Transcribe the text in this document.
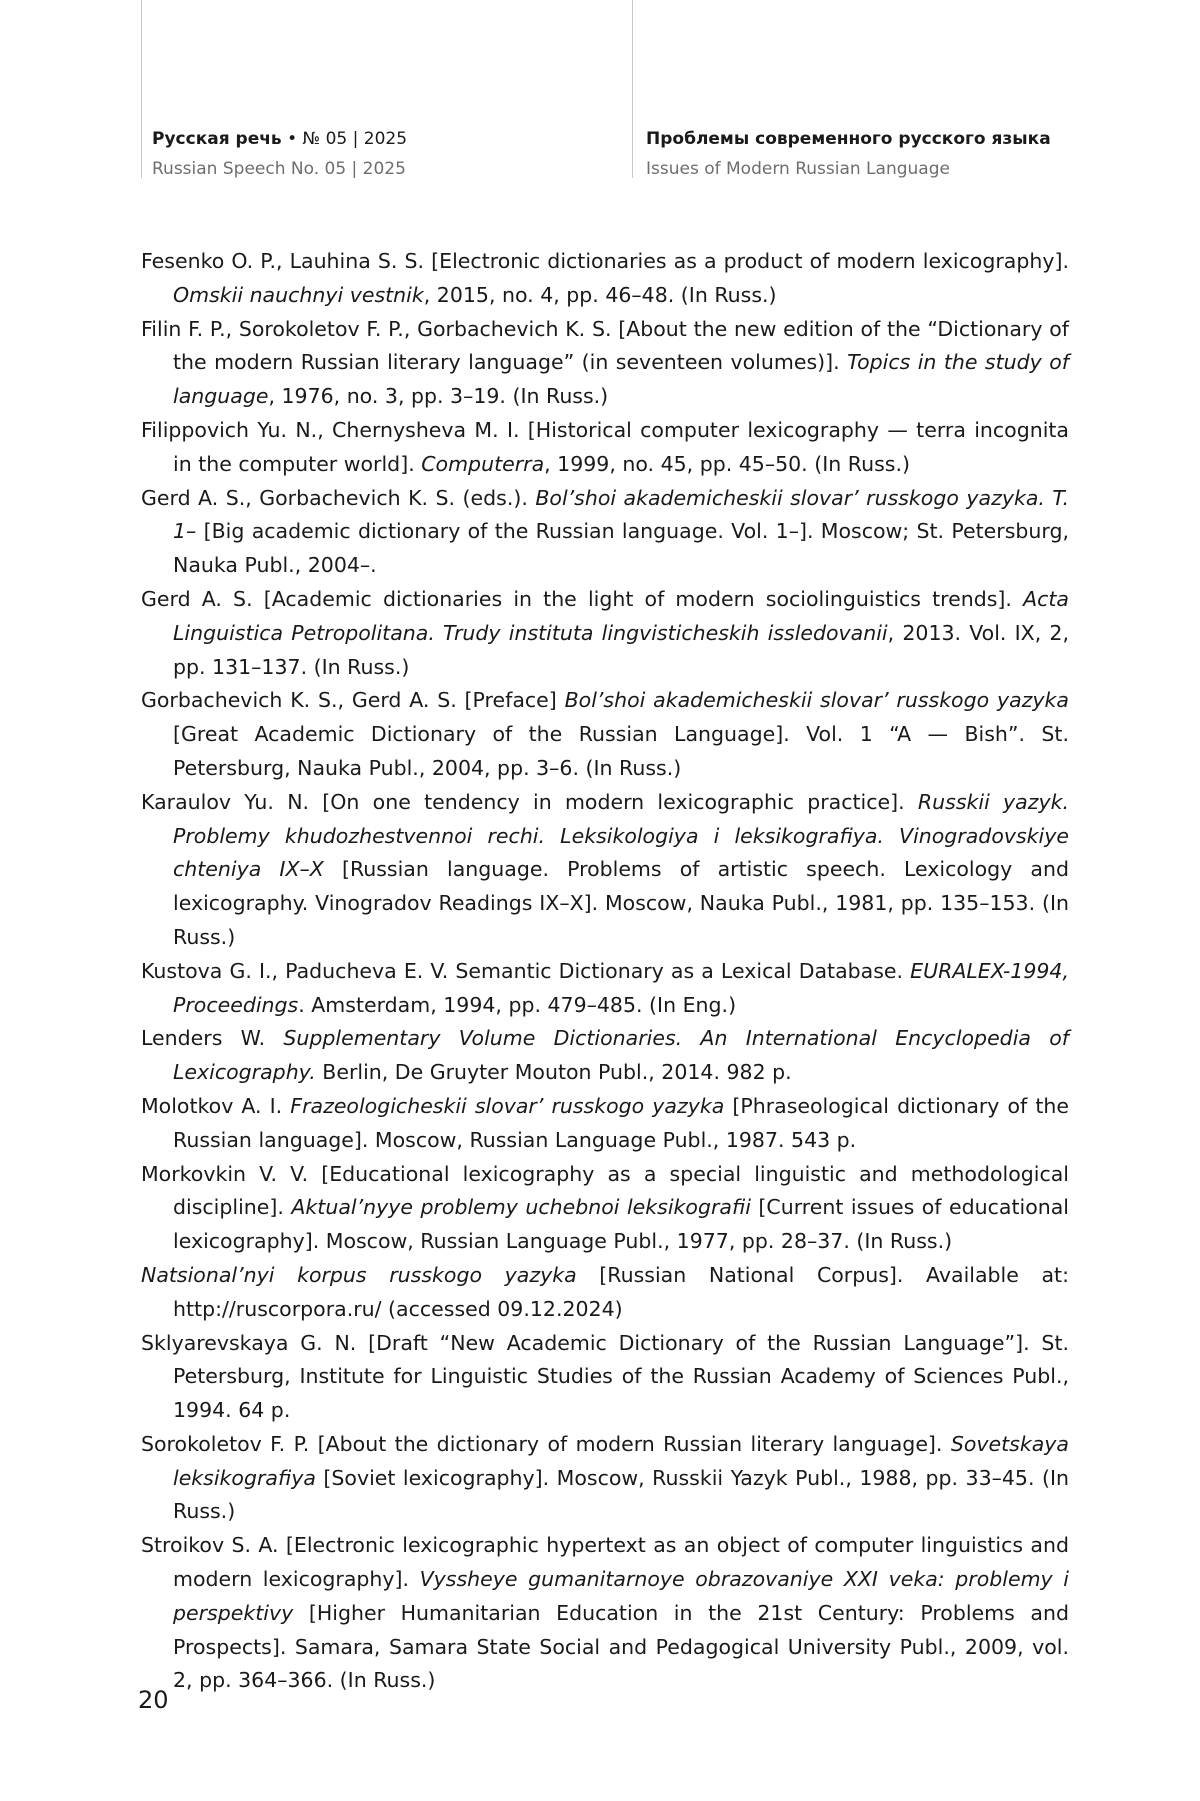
Русская речь • № 05 | 2025
Russian Speech No. 05 | 2025
Проблемы современного русского языка
Issues of Modern Russian Language

Fesenko O. P., Lauhina S. S. [Electronic dictionaries as a product of modern lexicography]. Omskii nauchnyi vestnik, 2015, no. 4, pp. 46–48. (In Russ.)

Filin F. P., Sorokoletov F. P., Gorbachevich K. S. [About the new edition of the “Dictionary of the modern Russian literary language” (in seventeen volumes)]. Topics in the study of language, 1976, no. 3, pp. 3–19. (In Russ.)

Filippovich Yu. N., Chernysheva M. I. [Historical computer lexicography — terra incognita in the computer world]. Computerra, 1999, no. 45, pp. 45–50. (In Russ.)

Gerd A. S., Gorbachevich K. S. (eds.). Bol’shoi akademicheskii slovar’ russkogo yazyka. T. 1– [Big academic dictionary of the Russian language. Vol. 1–]. Moscow; St. Petersburg, Nauka Publ., 2004–.

Gerd A. S. [Academic dictionaries in the light of modern sociolinguistics trends]. Acta Linguistica Petropolitana. Trudy instituta lingvisticheskih issledovanii, 2013. Vol. IX, 2, pp. 131–137. (In Russ.)

Gorbachevich K. S., Gerd A. S. [Preface] Bol’shoi akademicheskii slovar’ russkogo yazyka [Great Academic Dictionary of the Russian Language]. Vol. 1 “A — Bish”. St. Petersburg, Nauka Publ., 2004, pp. 3–6. (In Russ.)

Karaulov Yu. N. [On one tendency in modern lexicographic practice]. Russkii yazyk. Problemy khudozhestvennoi rechi. Leksikologiya i leksikografiya. Vinogradovskiye chteniya IX–X [Russian language. Problems of artistic speech. Lexicology and lexicography. Vinogradov Readings IX–X]. Moscow, Nauka Publ., 1981, pp. 135–153. (In Russ.)

Kustova G. I., Paducheva E. V. Semantic Dictionary as a Lexical Database. EURALEX-1994, Proceedings. Amsterdam, 1994, pp. 479–485. (In Eng.)

Lenders W. Supplementary Volume Dictionaries. An International Encyclopedia of Lexicography. Berlin, De Gruyter Mouton Publ., 2014. 982 p.

Molotkov A. I. Frazeologicheskii slovar’ russkogo yazyka [Phraseological dictionary of the Russian language]. Moscow, Russian Language Publ., 1987. 543 p.

Morkovkin V. V. [Educational lexicography as a special linguistic and methodological discipline]. Aktual’nyye problemy uchebnoi leksikografii [Current issues of educational lexicography]. Moscow, Russian Language Publ., 1977, pp. 28–37. (In Russ.)

Natsional’nyi korpus russkogo yazyka [Russian National Corpus]. Available at: http://ruscorpora.ru/ (accessed 09.12.2024)

Sklyarevskaya G. N. [Draft “New Academic Dictionary of the Russian Language”]. St. Petersburg, Institute for Linguistic Studies of the Russian Academy of Sciences Publ., 1994. 64 p.

Sorokoletov F. P. [About the dictionary of modern Russian literary language]. Sovetskaya leksikografiya [Soviet lexicography]. Moscow, Russkii Yazyk Publ., 1988, pp. 33–45. (In Russ.)

Stroikov S. A. [Electronic lexicographic hypertext as an object of computer linguistics and modern lexicography]. Vyssheye gumanitarnoye obrazovaniye XXI veka: problemy i perspektivy [Higher Humanitarian Education in the 21st Century: Problems and Prospects]. Samara, Samara State Social and Pedagogical University Publ., 2009, vol. 2, pp. 364–366. (In Russ.)

20
